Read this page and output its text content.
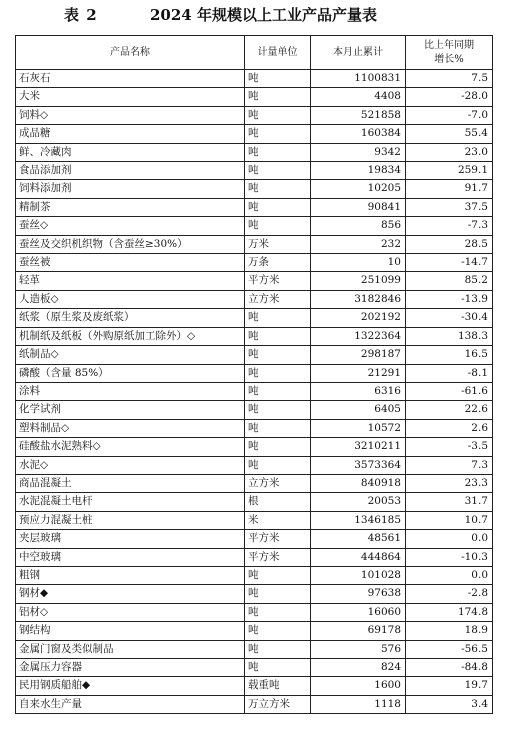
表 2	2024 年规模以上工业产品产量表
产品名称	计量单位	本月止累计	比上年同期
增长%

石灰石	吨	1100831	7.5
大米	吨	4408	-28.0
饲料◇	吨	521858	-7.0
成品糖	吨	160384	55.4
鲜、冷藏肉	吨	9342	23.0
食品添加剂	吨	19834	259.1
饲料添加剂	吨	10205	91.7
精制茶	吨	90841	37.5
蚕丝◇	吨	856	-7.3
蚕丝及交织机织物（含蚕丝≥30%）	万米	232	28.5
蚕丝被	万条	10	-14.7
轻革	平方米	251099	85.2
人造板◇	立方米	3182846	-13.9
纸浆（原生浆及废纸浆）	吨	202192	-30.4
机制纸及纸板（外购原纸加工除外）◇	吨	1322364	138.3
纸制品◇	吨	298187	16.5
磷酸（含量 85%）	吨	21291	-8.1
涂料	吨	6316	-61.6
化学试剂	吨	6405	22.6
塑料制品◇	吨	10572	2.6
硅酸盐水泥熟料◇	吨	3210211	-3.5
水泥◇	吨	3573364	7.3
商品混凝土	立方米	840918	23.3
水泥混凝土电杆	根	20053	31.7
预应力混凝土桩	米	1346185	10.7
夹层玻璃	平方米	48561	0.0
中空玻璃	平方米	444864	-10.3
粗钢	吨	101028	0.0
钢材◆	吨	97638	-2.8
铝材◇	吨	16060	174.8
钢结构	吨	69178	18.9
金属门窗及类似制品	吨	576	-56.5
金属压力容器	吨	824	-84.8
民用钢质船舶◆	载重吨	1600	19.7
自来水生产量	万立方米	1118	3.4
